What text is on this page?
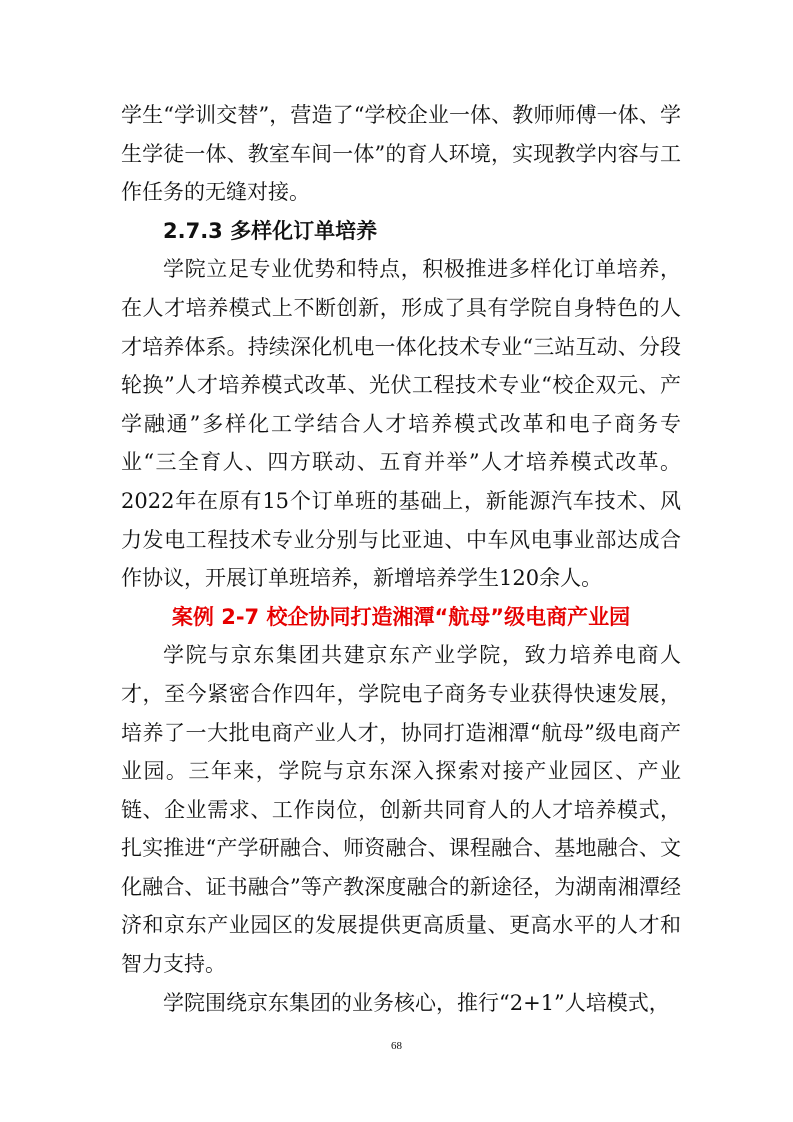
学生“学训交替”，营造了“学校企业一体、教师师傅一体、学生学徒一体、教室车间一体”的育人环境，实现教学内容与工作任务的无缝对接。

2.7.3 多样化订单培养

学院立足专业优势和特点，积极推进多样化订单培养，在人才培养模式上不断创新，形成了具有学院自身特色的人才培养体系。持续深化机电一体化技术专业“三站互动、分段轮换”人才培养模式改革、光伏工程技术专业“校企双元、产学融通”多样化工学结合人才培养模式改革和电子商务专业“三全育人、四方联动、五育并举”人才培养模式改革。2022年在原有15个订单班的基础上，新能源汽车技术、风力发电工程技术专业分别与比亚迪、中车风电事业部达成合作协议，开展订单班培养，新增培养学生120余人。

案例 2-7 校企协同打造湘潭“航母”级电商产业园

学院与京东集团共建京东产业学院，致力培养电商人才，至今紧密合作四年，学院电子商务专业获得快速发展，培养了一大批电商产业人才，协同打造湘潭“航母”级电商产业园。三年来，学院与京东深入探索对接产业园区、产业链、企业需求、工作岗位，创新共同育人的人才培养模式，扎实推进“产学研融合、师资融合、课程融合、基地融合、文化融合、证书融合”等产教深度融合的新途径，为湖南湘潭经济和京东产业园区的发展提供更高质量、更高水平的人才和智力支持。

学院围绕京东集团的业务核心，推行“2+1”人培模式，

68
